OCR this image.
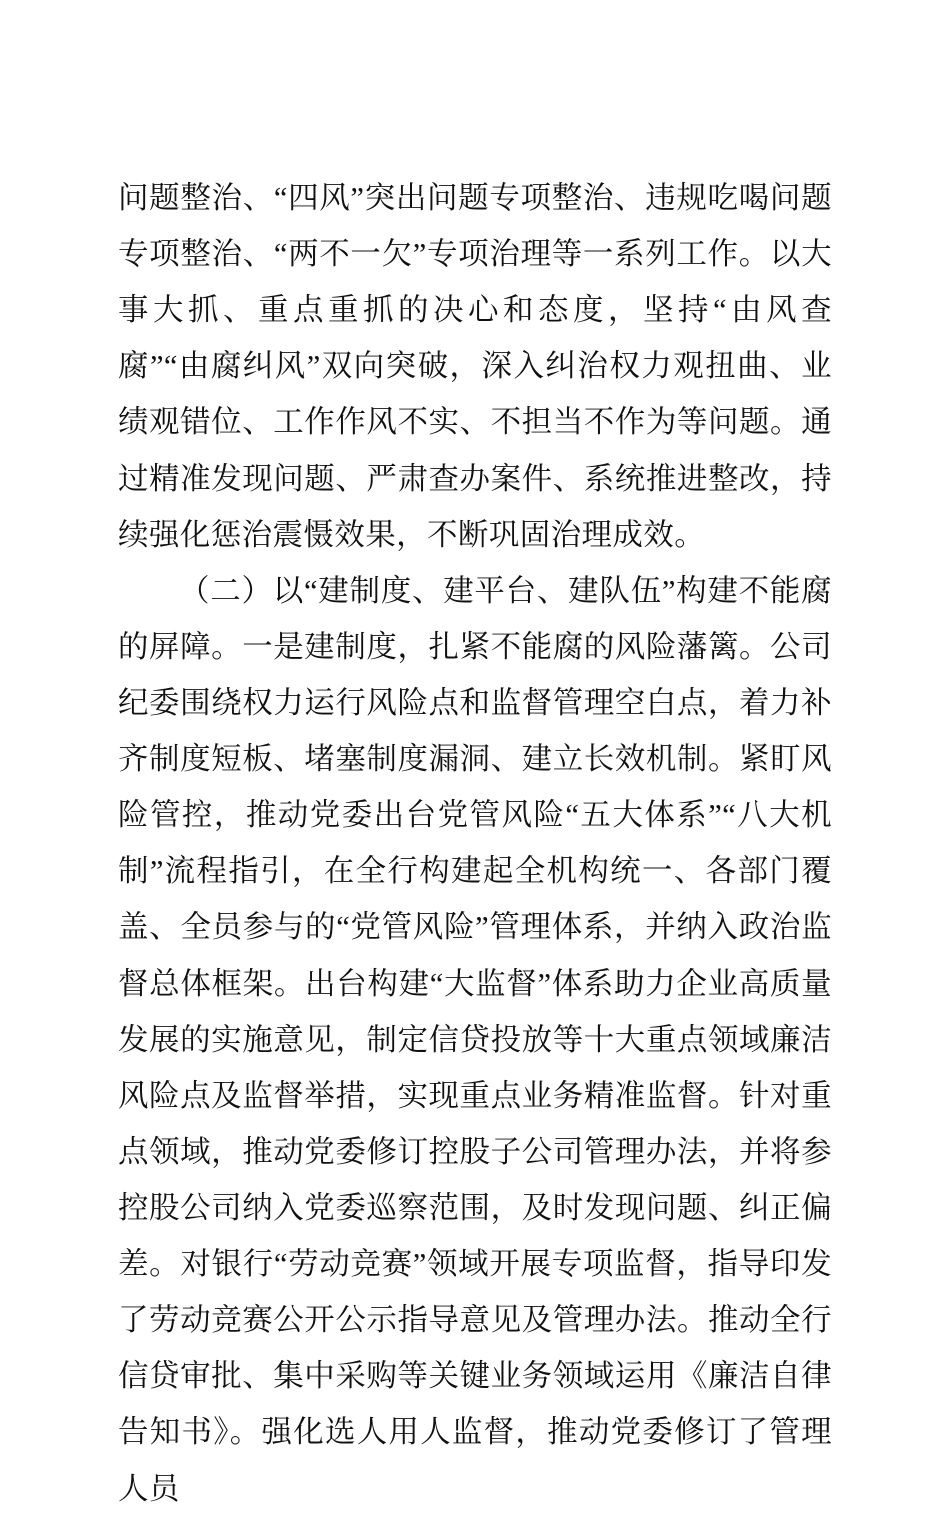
问题整治、“四风”突出问题专项整治、违规吃喝问题专项整治、“两不一欠”专项治理等一系列工作。以大事大抓、重点重抓的决心和态度，坚持“由风查腐”“由腐纠风”双向突破，深入纠治权力观扭曲、业绩观错位、工作作风不实、不担当不作为等问题。通过精准发现问题、严肃查办案件、系统推进整改，持续强化惩治震慑效果，不断巩固治理成效。

（二）以“建制度、建平台、建队伍”构建不能腐的屏障。一是建制度，扎紧不能腐的风险藩篱。公司纪委围绕权力运行风险点和监督管理空白点，着力补齐制度短板、堵塞制度漏洞、建立长效机制。紧盯风险管控，推动党委出台党管风险“五大体系”“八大机制”流程指引，在全行构建起全机构统一、各部门覆盖、全员参与的“党管风险”管理体系，并纳入政治监督总体框架。出台构建“大监督”体系助力企业高质量发展的实施意见，制定信贷投放等十大重点领域廉洁风险点及监督举措，实现重点业务精准监督。针对重点领域，推动党委修订控股子公司管理办法，并将参控股公司纳入党委巡察范围，及时发现问题、纠正偏差。对银行“劳动竞赛”领域开展专项监督，指导印发了劳动竞赛公开公示指导意见及管理办法。推动全行信贷审批、集中采购等关键业务领域运用《廉洁自律告知书》。强化选人用人监督，推动党委修订了管理人员
